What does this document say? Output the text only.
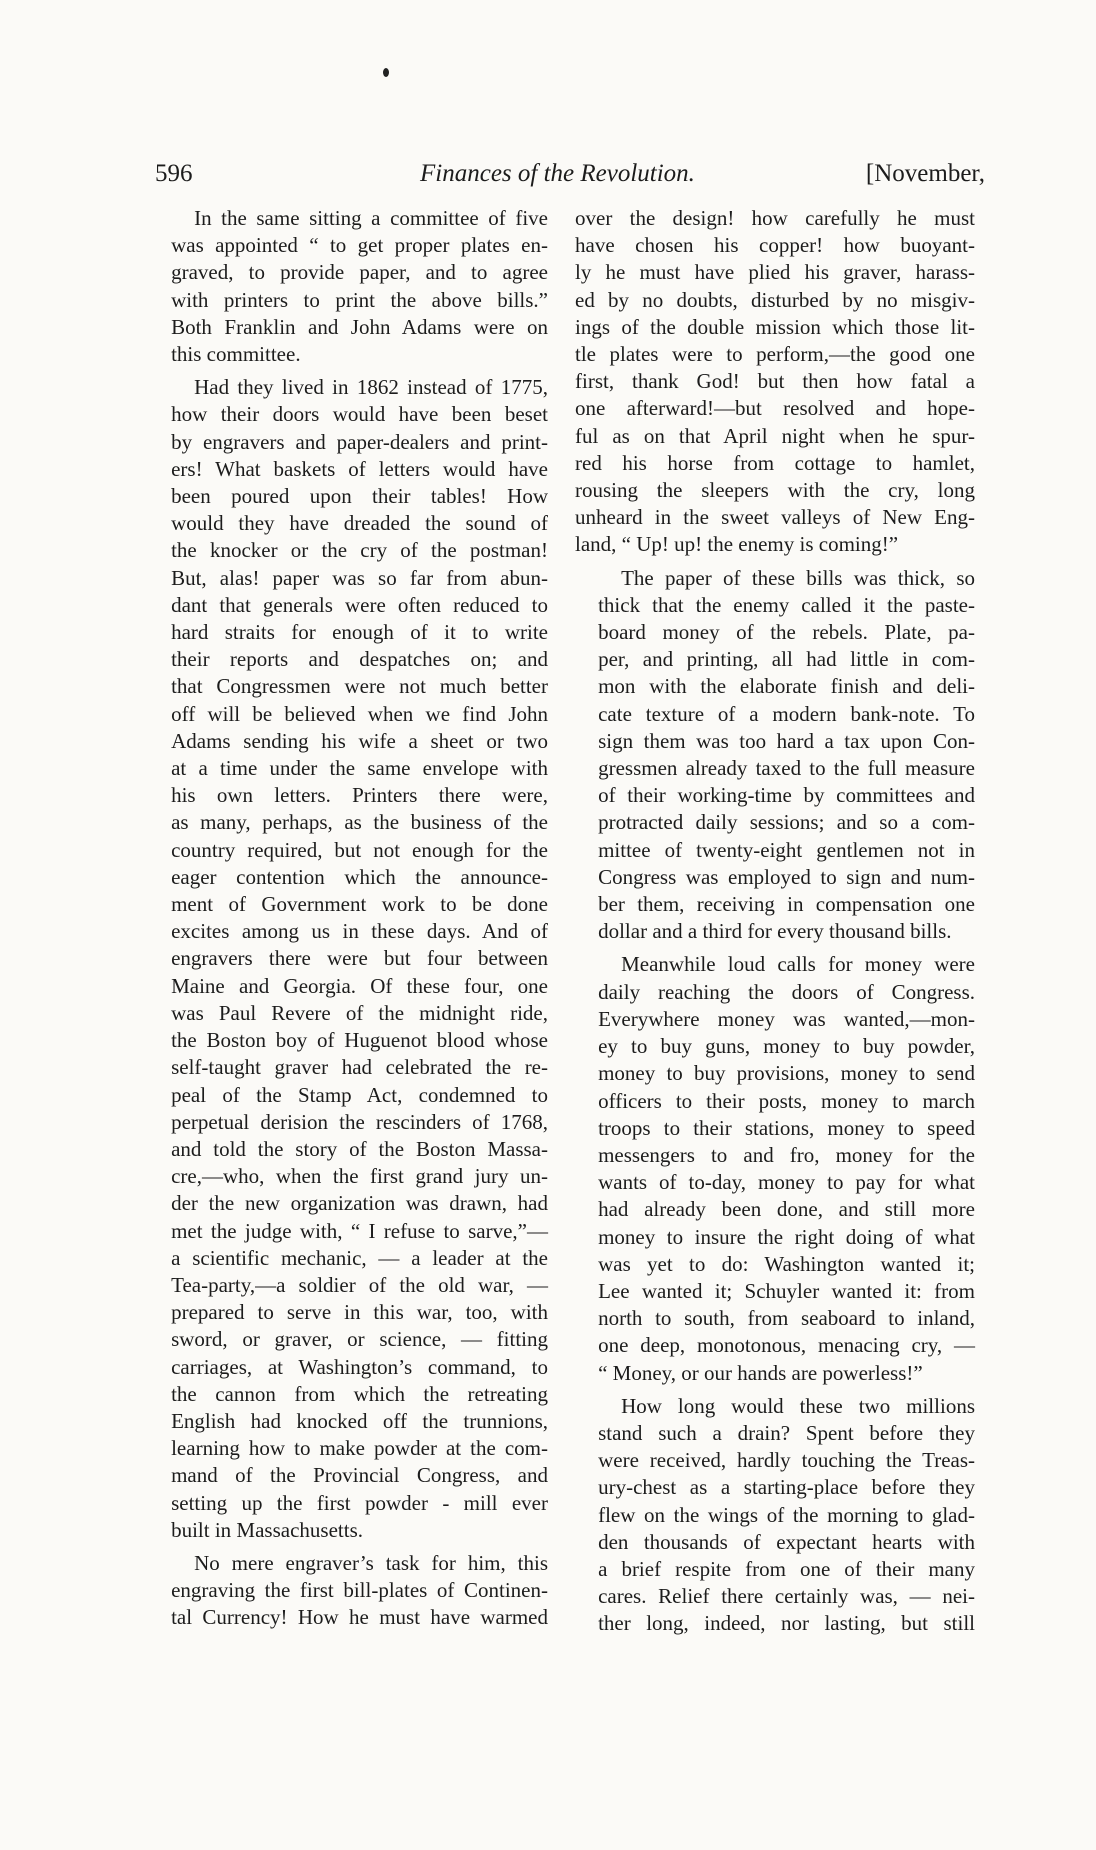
596	Finances of the Revolution.	[November,

In the same sitting a committee of five
was appointed “ to get proper plates en-
graved, to provide paper, and to agree
with printers to print the above bills.”
Both Franklin and John Adams were on
this committee.

Had they lived in 1862 instead of 1775,
how their doors would have been beset
by engravers and paper-dealers and print-
ers! What baskets of letters would have
been poured upon their tables! How
would they have dreaded the sound of
the knocker or the cry of the postman!
But, alas! paper was so far from abun-
dant that generals were often reduced to
hard straits for enough of it to write
their reports and despatches on; and
that Congressmen were not much better
off will be believed when we find John
Adams sending his wife a sheet or two
at a time under the same envelope with
his own letters. Printers there were,
as many, perhaps, as the business of the
country required, but not enough for the
eager contention which the announce-
ment of Government work to be done
excites among us in these days. And of
engravers there were but four between
Maine and Georgia. Of these four, one
was Paul Revere of the midnight ride,
the Boston boy of Huguenot blood whose
self-taught graver had celebrated the re-
peal of the Stamp Act, condemned to
perpetual derision the rescinders of 1768,
and told the story of the Boston Massa-
cre,—who, when the first grand jury un-
der the new organization was drawn, had
met the judge with, “ I refuse to sarve,”—
a scientific mechanic, — a leader at the
Tea-party,—a soldier of the old war, —
prepared to serve in this war, too, with
sword, or graver, or science, — fitting
carriages, at Washington’s command, to
the cannon from which the retreating
English had knocked off the trunnions,
learning how to make powder at the com-
mand of the Provincial Congress, and
setting up the first powder - mill ever
built in Massachusetts.

No mere engraver’s task for him, this
engraving the first bill-plates of Continen-
tal Currency! How he must have warmed

over the design! how carefully he must
have chosen his copper! how buoyant-
ly he must have plied his graver, harass-
ed by no doubts, disturbed by no misgiv-
ings of the double mission which those lit-
tle plates were to perform,—the good one
first, thank God! but then how fatal a
one afterward!—but resolved and hope-
ful as on that April night when he spur-
red his horse from cottage to hamlet,
rousing the sleepers with the cry, long
unheard in the sweet valleys of New Eng-
land, “ Up! up! the enemy is coming!”

The paper of these bills was thick, so
thick that the enemy called it the paste-
board money of the rebels. Plate, pa-
per, and printing, all had little in com-
mon with the elaborate finish and deli-
cate texture of a modern bank-note. To
sign them was too hard a tax upon Con-
gressmen already taxed to the full measure
of their working-time by committees and
protracted daily sessions; and so a com-
mittee of twenty-eight gentlemen not in
Congress was employed to sign and num-
ber them, receiving in compensation one
dollar and a third for every thousand bills.

Meanwhile loud calls for money were
daily reaching the doors of Congress.
Everywhere money was wanted,—mon-
ey to buy guns, money to buy powder,
money to buy provisions, money to send
officers to their posts, money to march
troops to their stations, money to speed
messengers to and fro, money for the
wants of to-day, money to pay for what
had already been done, and still more
money to insure the right doing of what
was yet to do: Washington wanted it;
Lee wanted it; Schuyler wanted it: from
north to south, from seaboard to inland,
one deep, monotonous, menacing cry, —
“ Money, or our hands are powerless!”

How long would these two millions
stand such a drain? Spent before they
were received, hardly touching the Treas-
ury-chest as a starting-place before they
flew on the wings of the morning to glad-
den thousands of expectant hearts with
a brief respite from one of their many
cares. Relief there certainly was, — nei-
ther long, indeed, nor lasting, but still
